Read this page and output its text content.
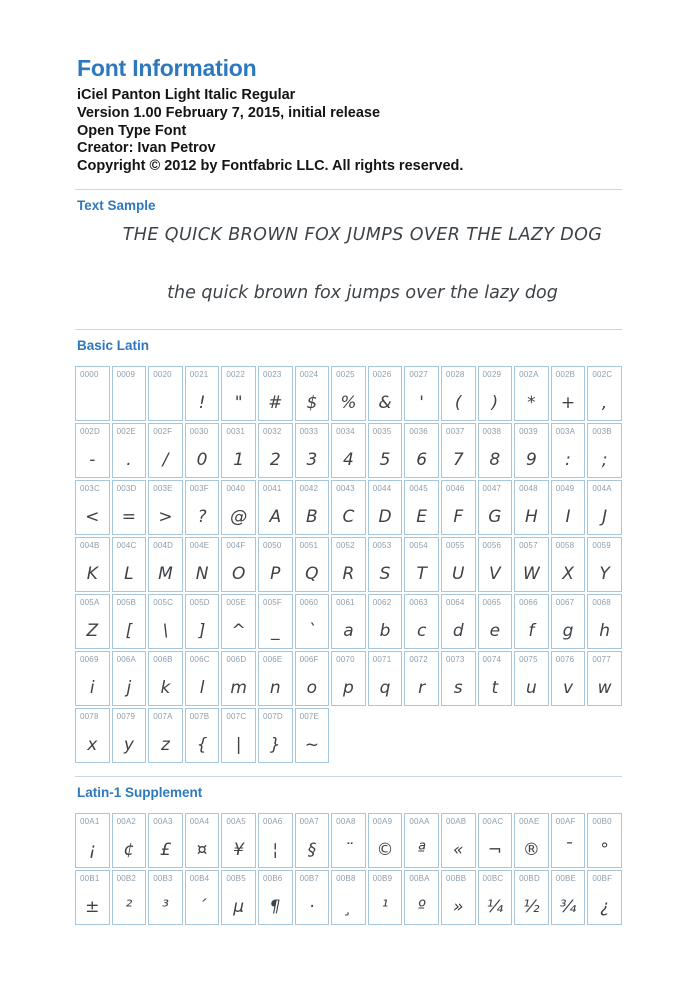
Font Information
iCiel Panton Light Italic Regular
Version 1.00 February 7, 2015, initial release
Open Type Font
Creator: Ivan Petrov
Copyright © 2012 by Fontfabric LLC. All rights reserved.
Text Sample
THE QUICK BROWN FOX JUMPS OVER THE LAZY DOG
the quick brown fox jumps over the lazy dog
Basic Latin
0000 0009 0020 0021
!
0022
"
0023
#
0024
$
0025
%
0026
&
0027
'
0028
(
0029
)
002A
*
002B
+
002C
,
002D
-
002E
.
002F
/
0030
0
0031
1
0032
2
0033
3
0034
4
0035
5
0036
6
0037
7
0038
8
0039
9
003A
:
003B
;
003C
<
003D
=
003E
>
003F
?
0040
@
0041
A
0042
B
0043
C
0044
D
0045
E
0046
F
0047
G
0048
H
0049
I
004A
J
004B
K
004C
L
004D
M
004E
N
004F
O
0050
P
0051
Q
0052
R
0053
S
0054
T
0055
U
0056
V
0057
W
0058
X
0059
Y
005A
Z
005B
[
005C
\
005D
]
005E
^
005F
_
0060
`
0061
a
0062
b
0063
c
0064
d
0065
e
0066
f
0067
g
0068
h
0069
i
006A
j
006B
k
006C
l
006D
m
006E
n
006F
o
0070
p
0071
q
0072
r
0073
s
0074
t
0075
u
0076
v
0077
w
0078
x
0079
y
007A
z
007B
{
007C
|
007D
}
007E
~
Latin-1 Supplement
00A1
¡
00A2
¢
00A3
£
00A4
¤
00A5
¥
00A6
¦
00A7
§
00A8
¨
00A9
©
00AA
ª
00AB
«
00AC
¬
00AE
®
00AF
¯
00B0
°
00B1
±
00B2
²
00B3
³
00B4
´
00B5
µ
00B6
¶
00B7
·
00B8
¸
00B9
¹
00BA
º
00BB
»
00BC
¼
00BD
½
00BE
¾
00BF
¿
